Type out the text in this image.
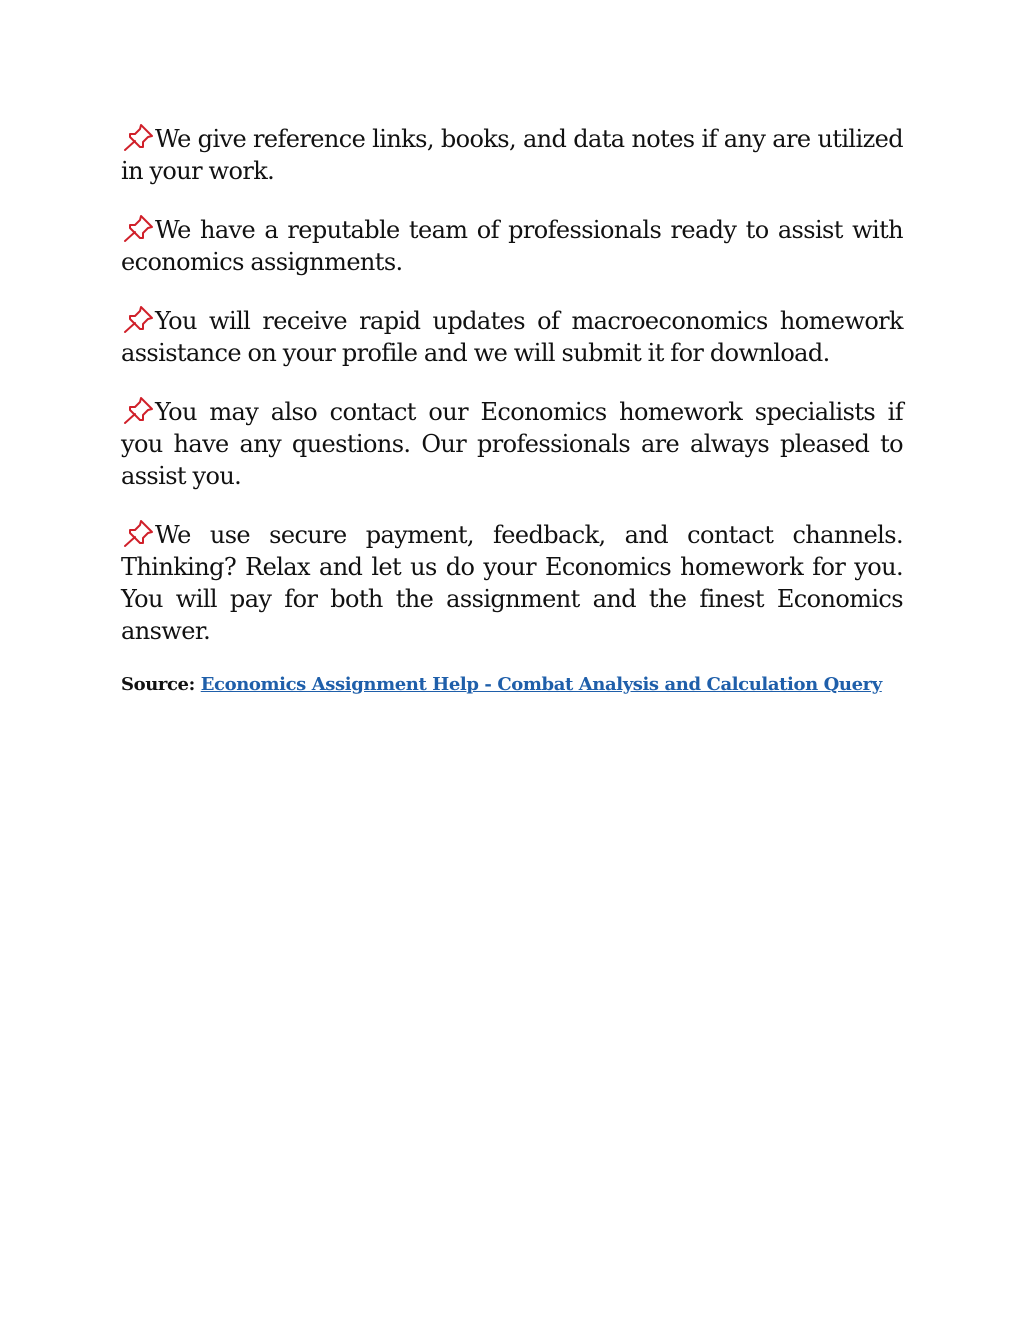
We give reference links, books, and data notes if any are utilized in your work.

We have a reputable team of professionals ready to assist with economics assignments.

You will receive rapid updates of macroeconomics homework assistance on your profile and we will submit it for download.

You may also contact our Economics homework specialists if you have any questions. Our professionals are always pleased to assist you.

We use secure payment, feedback, and contact channels. Thinking? Relax and let us do your Economics homework for you. You will pay for both the assignment and the finest Economics answer.

Source: Economics Assignment Help - Combat Analysis and Calculation Query
